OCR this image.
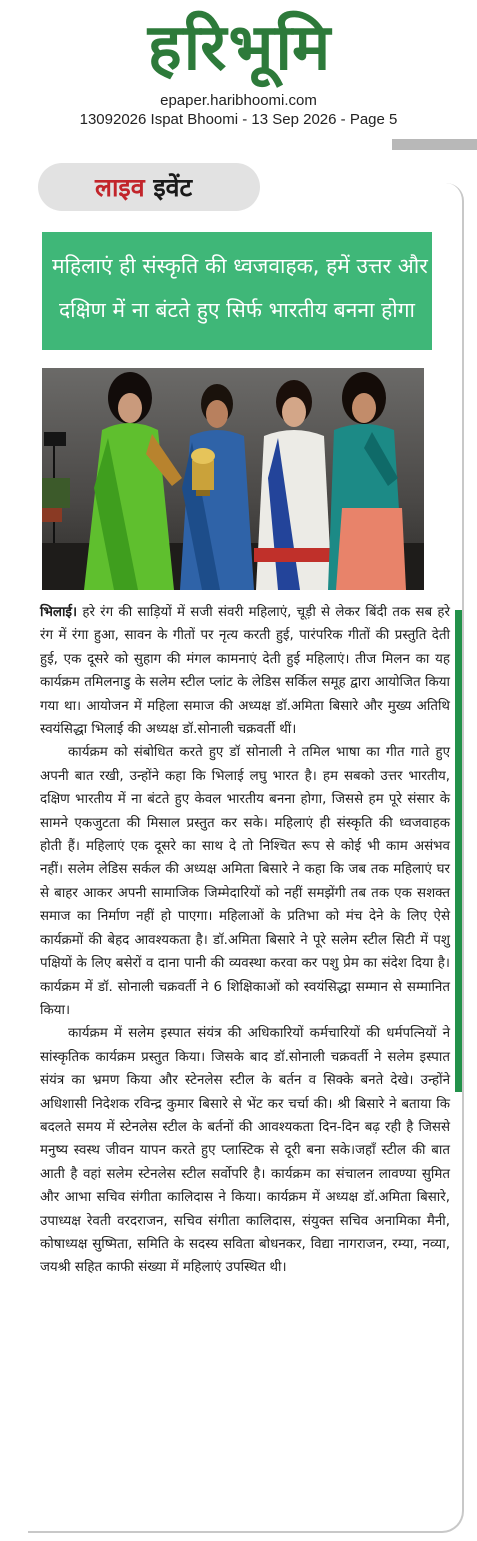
हरिभूमि
epaper.haribhoomi.com
13092026 Ispat Bhoomi - 13 Sep 2026 - Page 5
लाइव इवेंट
महिलाएं ही संस्कृति की ध्वजवाहक, हमें उत्तर और
दक्षिण में ना बंटते हुए सिर्फ भारतीय बनना होगा

भिलाई। हरे रंग की साड़ियों में सजी संवरी महिलाएं, चूड़ी से लेकर बिंदी तक सब हरे रंग में रंगा हुआ, सावन के गीतों पर नृत्य करती हुई, पारंपरिक गीतों की प्रस्तुति देती हुई, एक दूसरे को सुहाग की मंगल कामनाएं देती हुई महिलाएं। तीज मिलन का यह कार्यक्रम तमिलनाडु के सलेम स्टील प्लांट के लेडिस सर्किल समूह द्वारा आयोजित किया गया था। आयोजन में महिला समाज की अध्यक्ष डॉ.अमिता बिसारे और मुख्य अतिथि स्वयंसिद्धा भिलाई की अध्यक्ष डॉ.सोनाली चक्रवर्ती थीं।

कार्यक्रम को संबोधित करते हुए डॉ सोनाली ने तमिल भाषा का गीत गाते हुए अपनी बात रखी, उन्होंने कहा कि भिलाई लघु भारत है। हम सबको उत्तर भारतीय, दक्षिण भारतीय में ना बंटते हुए केवल भारतीय बनना होगा, जिससे हम पूरे संसार के सामने एकजुटता की मिसाल प्रस्तुत कर सके। महिलाएं ही संस्कृति की ध्वजवाहक होती हैं। महिलाएं एक दूसरे का साथ दे तो निश्चित रूप से कोई भी काम असंभव नहीं। सलेम लेडिस सर्कल की अध्यक्ष अमिता बिसारे ने कहा कि जब तक महिलाएं घर से बाहर आकर अपनी सामाजिक जिम्मेदारियों को नहीं समझेंगी तब तक एक सशक्त समाज का निर्माण नहीं हो पाएगा। महिलाओं के प्रतिभा को मंच देने के लिए ऐसे कार्यक्रमों की बेहद आवश्यकता है। डॉ.अमिता बिसारे ने पूरे सलेम स्टील सिटी में पशु पक्षियों के लिए बसेरों व दाना पानी की व्यवस्था करवा कर पशु प्रेम का संदेश दिया है। कार्यक्रम में डॉ. सोनाली चक्रवर्ती ने 6 शिक्षिकाओं को स्वयंसिद्धा सम्मान से सम्मानित किया।

कार्यक्रम में सलेम इस्पात संयंत्र की अधिकारियों कर्मचारियों की धर्मपत्नियों ने सांस्कृतिक कार्यक्रम प्रस्तुत किया। जिसके बाद डॉ.सोनाली चक्रवर्ती ने सलेम इस्पात संयंत्र का भ्रमण किया और स्टेनलेस स्टील के बर्तन व सिक्के बनते देखे। उन्होंने अधिशासी निदेशक रविन्द्र कुमार बिसारे से भेंट कर चर्चा की। श्री बिसारे ने बताया कि बदलते समय में स्टेनलेस स्टील के बर्तनों की आवश्यकता दिन-दिन बढ़ रही है जिससे मनुष्य स्वस्थ जीवन यापन करते हुए प्लास्टिक से दूरी बना सके।जहाँ स्टील की बात आती है वहां सलेम स्टेनलेस स्टील सर्वोपरि है। कार्यक्रम का संचालन लावण्या सुमित और आभा सचिव संगीता कालिदास ने किया। कार्यक्रम में अध्यक्ष डॉ.अमिता बिसारे, उपाध्यक्ष रेवती वरदराजन, सचिव संगीता कालिदास, संयुक्त सचिव अनामिका मैनी, कोषाध्यक्ष सुष्मिता, समिति के सदस्य सविता बोधनकर, विद्या नागराजन, रम्या, नव्या, जयश्री सहित काफी संख्या में महिलाएं उपस्थित थी।
